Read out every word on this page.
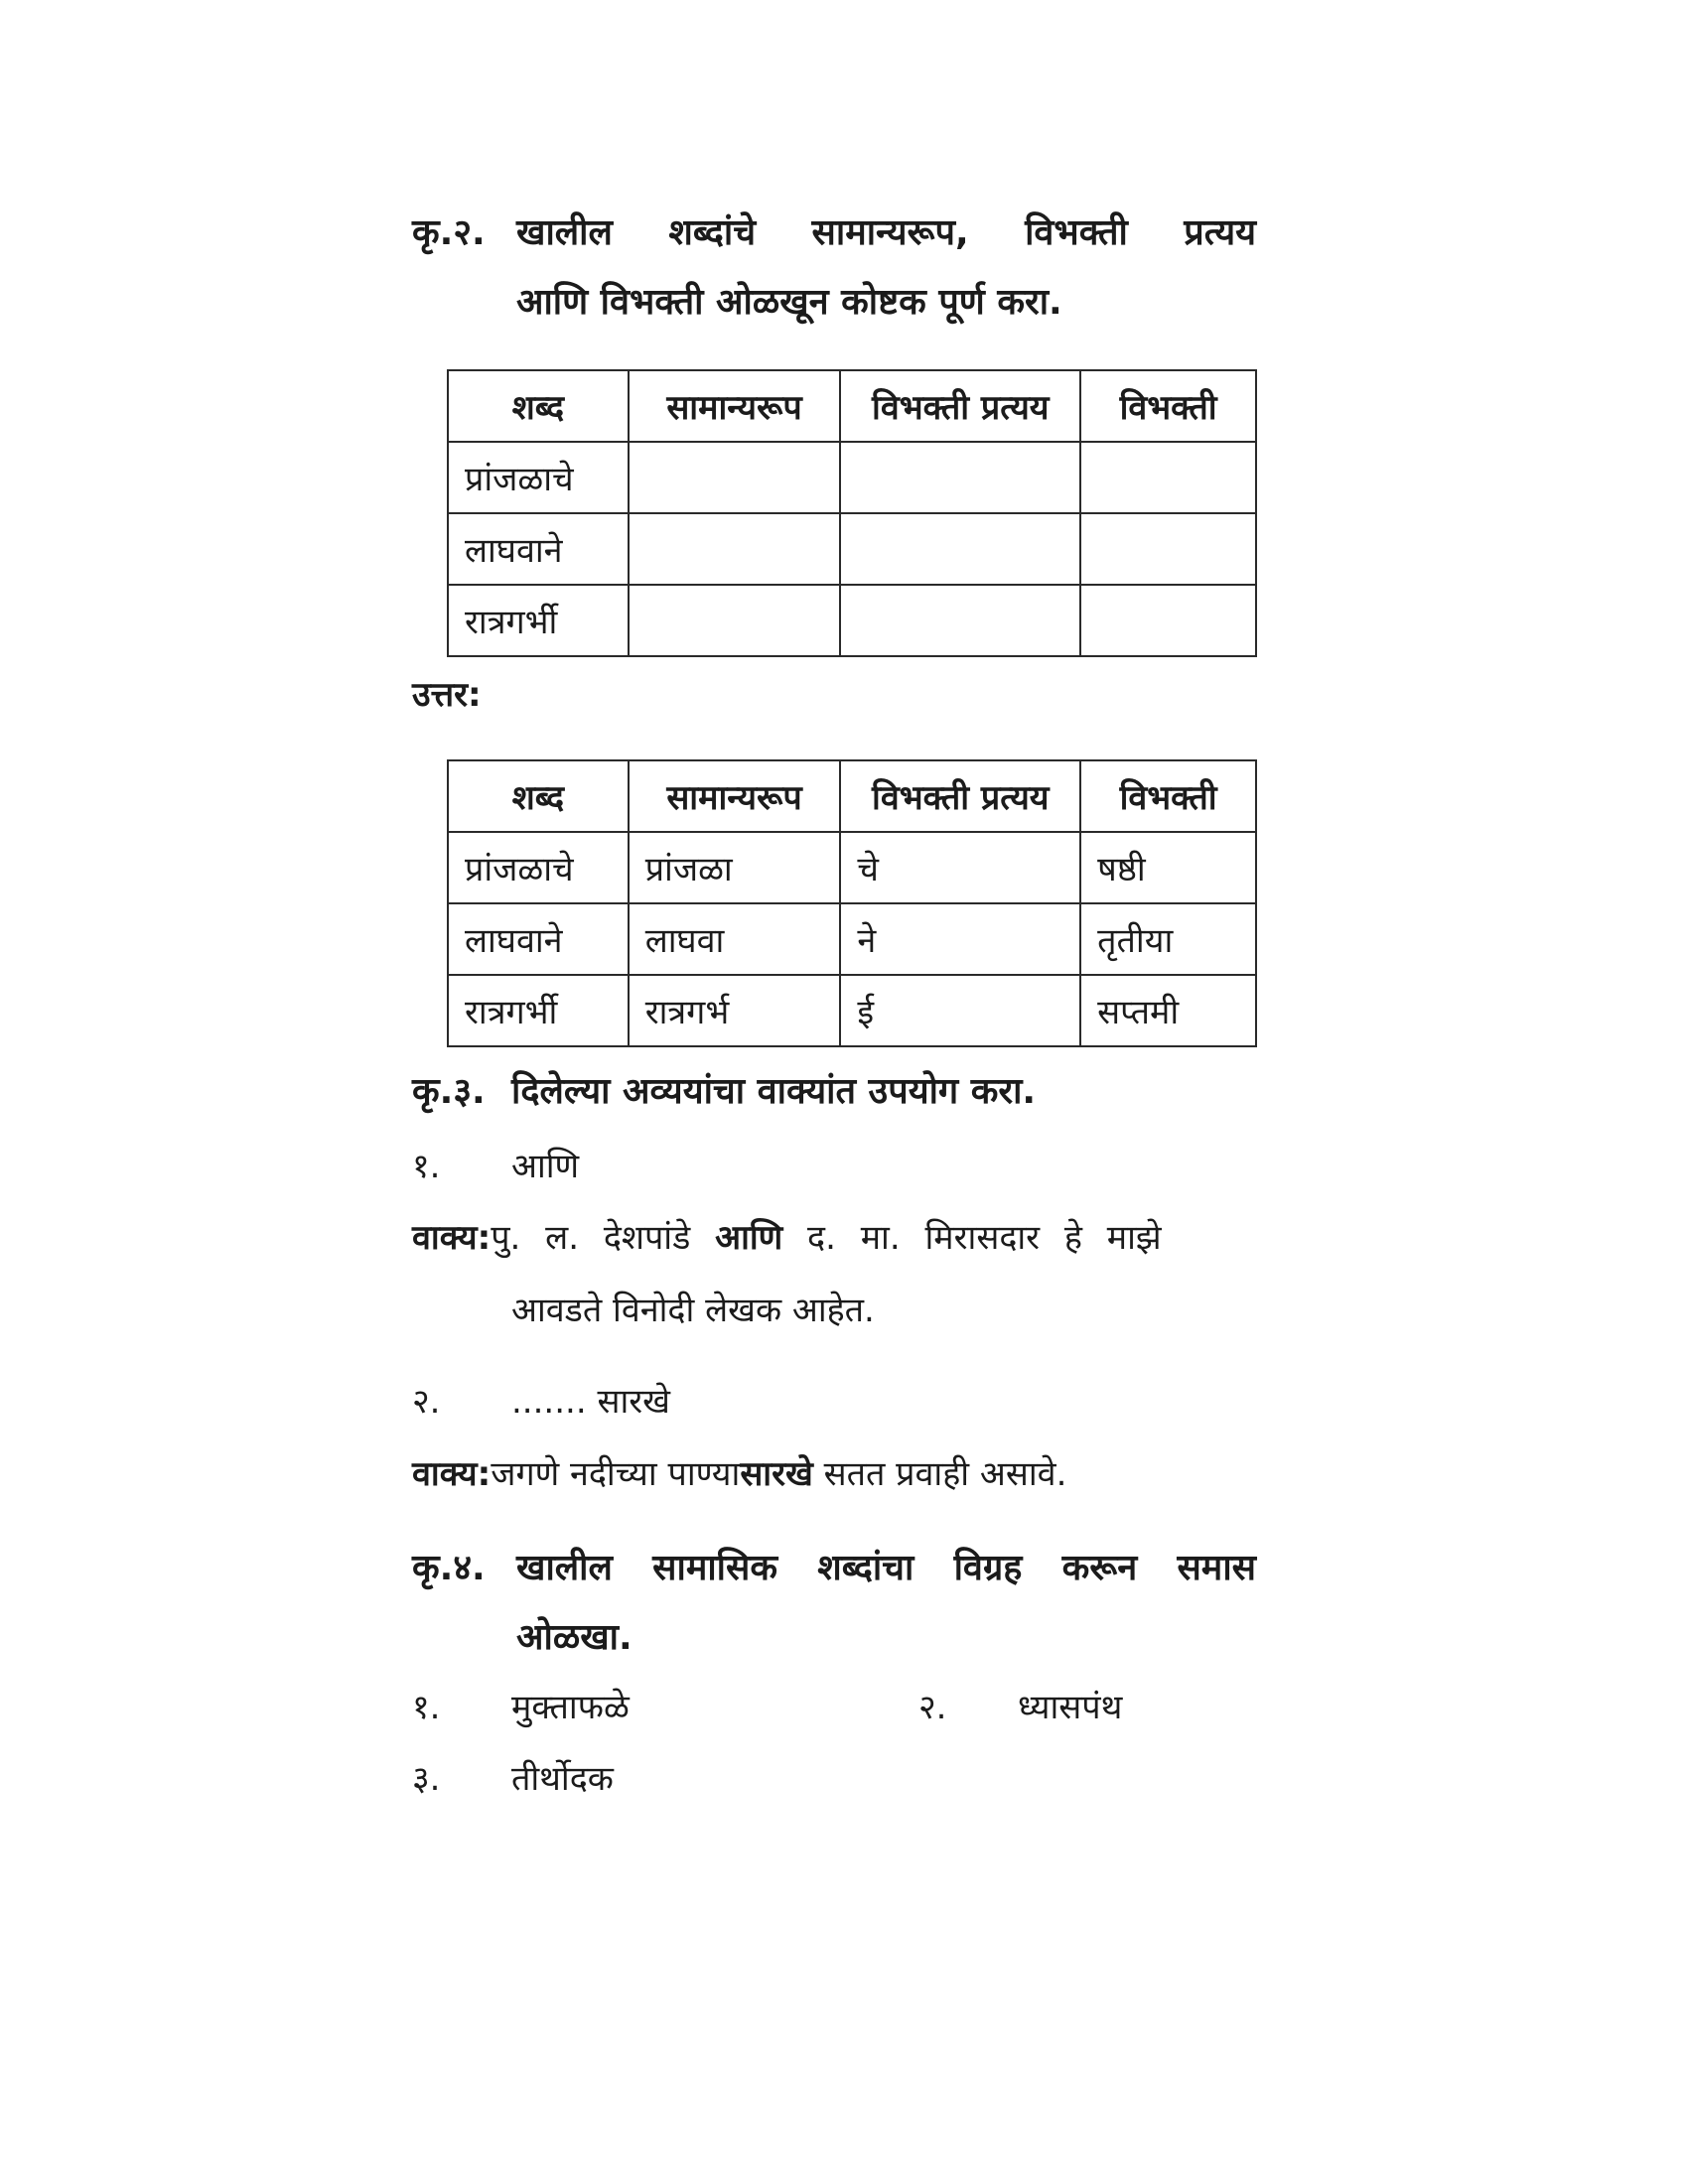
कृ.२. खालील शब्दांचे सामान्यरूप, विभक्ती प्रत्यय
आणि विभक्ती ओळखून कोष्टक पूर्ण करा.
शब्द	सामान्यरूप	विभक्ती प्रत्यय	विभक्ती
प्रांजळाचे			
लाघवाने			
रात्रगर्भी			
उत्तर:
शब्द	सामान्यरूप	विभक्ती प्रत्यय	विभक्ती
प्रांजळाचे	प्रांजळा	चे	षष्ठी
लाघवाने	लाघवा	ने	तृतीया
रात्रगर्भी	रात्रगर्भ	ई	सप्तमी
कृ.३. दिलेल्या अव्ययांचा वाक्यांत उपयोग करा.
१. आणि
वाक्य: पु. ल. देशपांडे आणि द. मा. मिरासदार हे माझे
आवडते विनोदी लेखक आहेत.
२. ....... सारखे
वाक्य:जगणे नदीच्या पाण्यासारखे सतत प्रवाही असावे.
कृ.४. खालील सामासिक शब्दांचा विग्रह करून समास
ओळखा.
१. मुक्ताफळे	२. ध्यासपंथ
३. तीर्थोदक
